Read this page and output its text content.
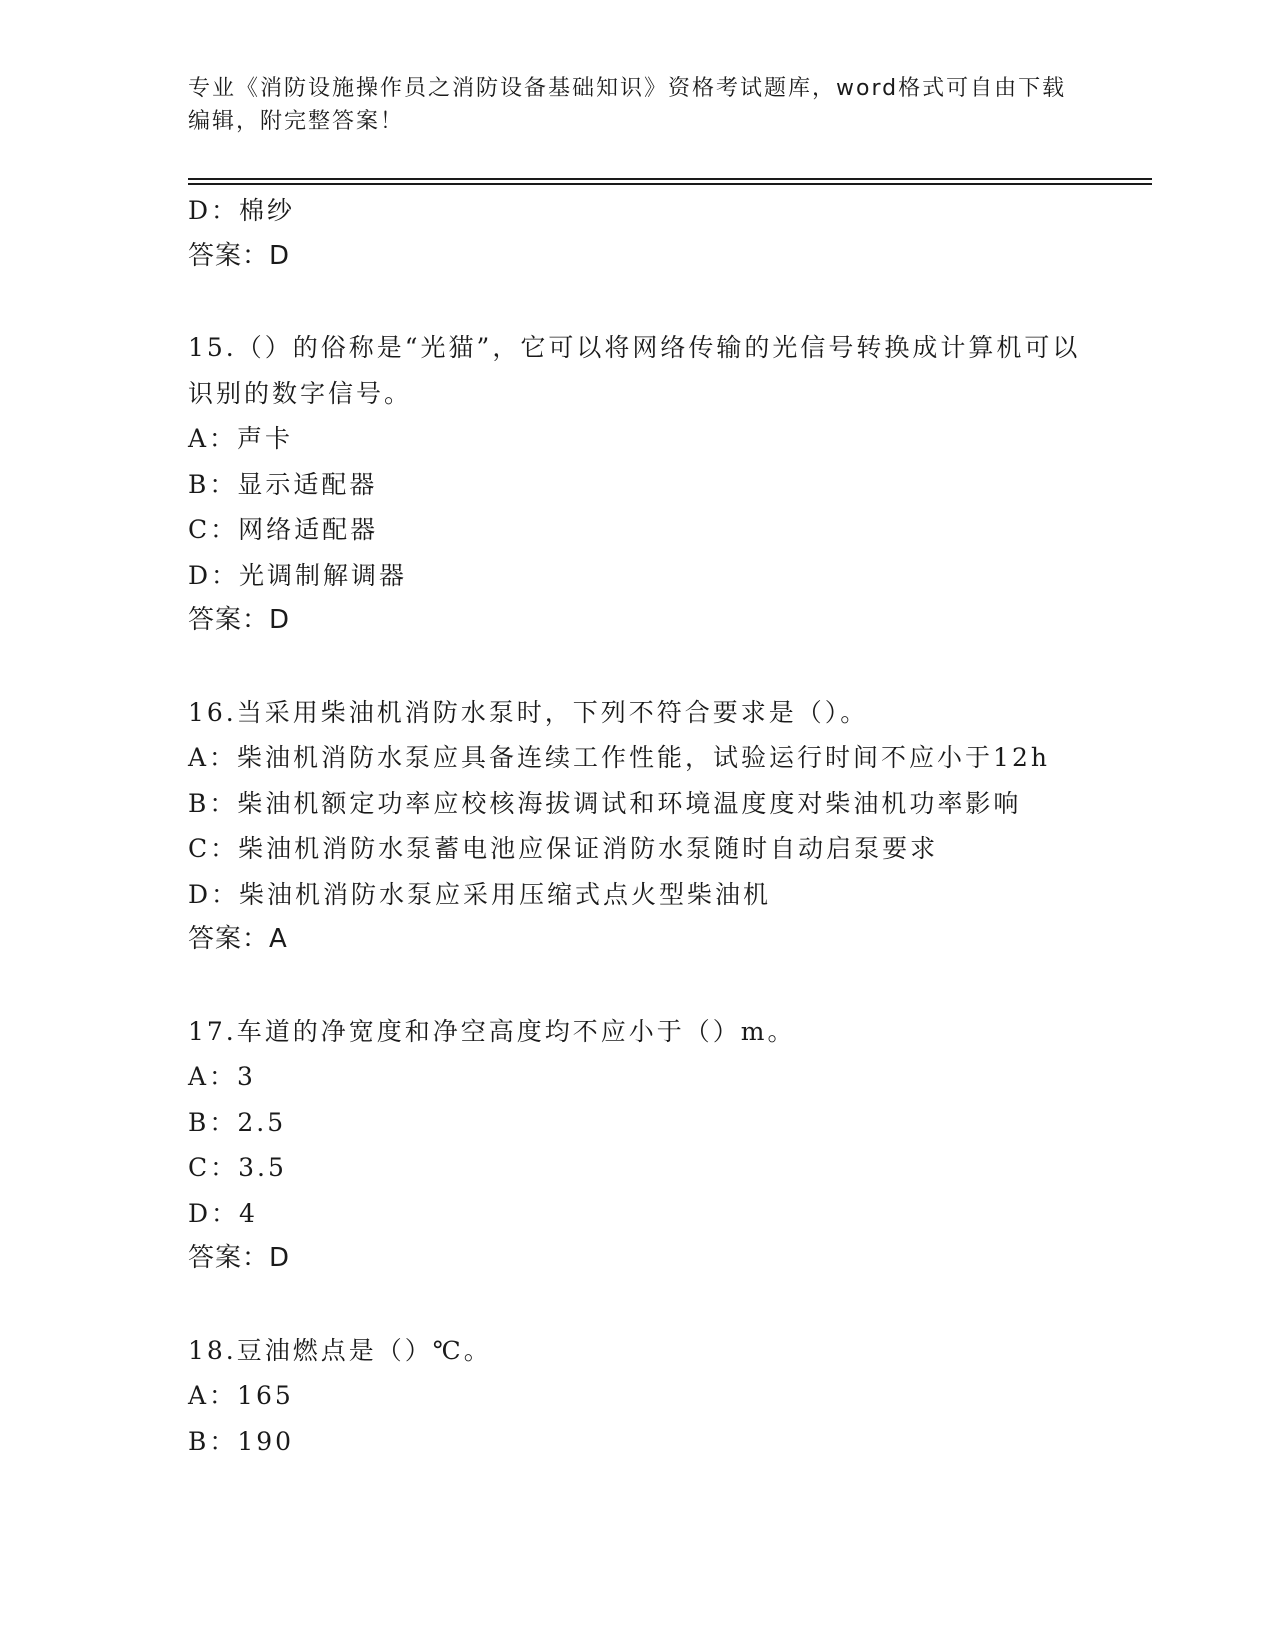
专业《消防设施操作员之消防设备基础知识》资格考试题库，word格式可自由下载编辑，附完整答案！
D：棉纱
答案：D
15.（）的俗称是“光猫”，它可以将网络传输的光信号转换成计算机可以识别的数字信号。
A：声卡
B：显示适配器
C：网络适配器
D：光调制解调器
答案：D
16.当采用柴油机消防水泵时，下列不符合要求是（）。
A：柴油机消防水泵应具备连续工作性能，试验运行时间不应小于12h
B：柴油机额定功率应校核海拔调试和环境温度度对柴油机功率影响
C：柴油机消防水泵蓄电池应保证消防水泵随时自动启泵要求
D：柴油机消防水泵应采用压缩式点火型柴油机
答案：A
17.车道的净宽度和净空高度均不应小于（）m。
A：3
B：2.5
C：3.5
D：4
答案：D
18.豆油燃点是（）℃。
A：165
B：190
